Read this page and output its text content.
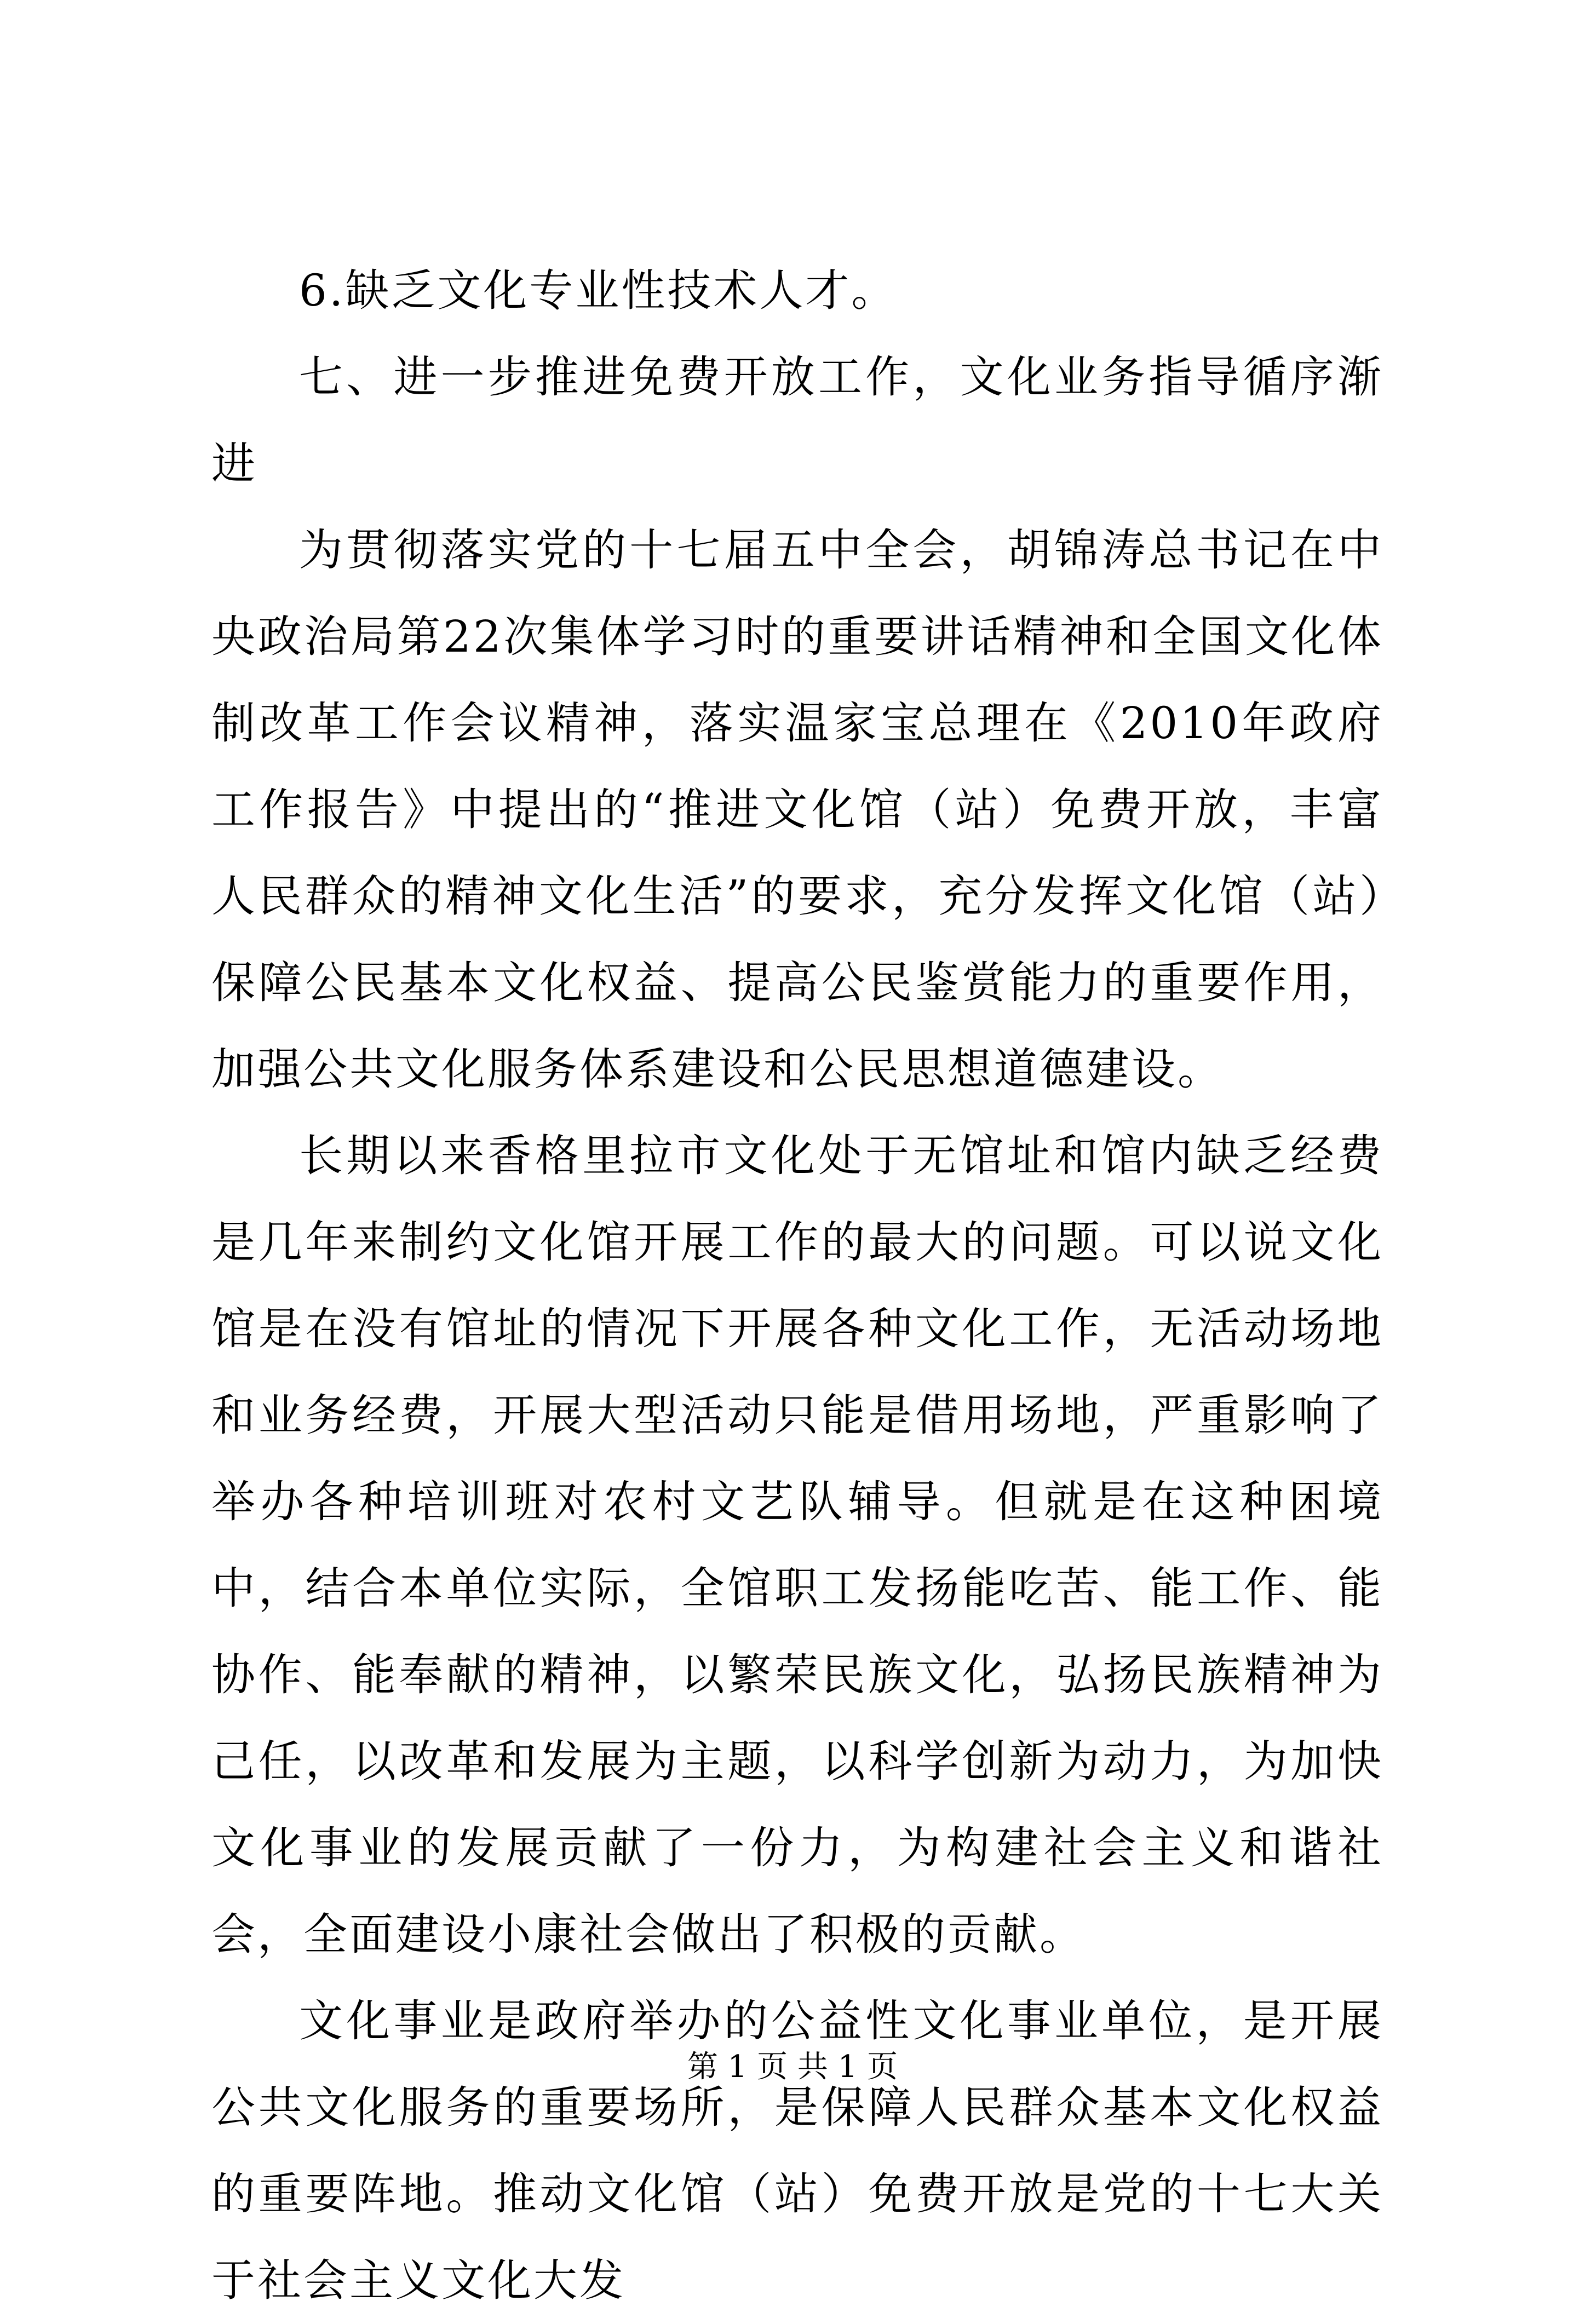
6.缺乏文化专业性技术人才。

七、进一步推进免费开放工作，文化业务指导循序渐进

为贯彻落实党的十七届五中全会，胡锦涛总书记在中央政治局第22次集体学习时的重要讲话精神和全国文化体制改革工作会议精神，落实温家宝总理在《2010年政府工作报告》中提出的“推进文化馆（站）免费开放，丰富人民群众的精神文化生活”的要求，充分发挥文化馆（站）保障公民基本文化权益、提高公民鉴赏能力的重要作用，加强公共文化服务体系建设和公民思想道德建设。

长期以来香格里拉市文化处于无馆址和馆内缺乏经费是几年来制约文化馆开展工作的最大的问题。可以说文化馆是在没有馆址的情况下开展各种文化工作，无活动场地和业务经费，开展大型活动只能是借用场地，严重影响了举办各种培训班对农村文艺队辅导。但就是在这种困境中，结合本单位实际，全馆职工发扬能吃苦、能工作、能协作、能奉献的精神，以繁荣民族文化，弘扬民族精神为己任，以改革和发展为主题，以科学创新为动力，为加快文化事业的发展贡献了一份力，为构建社会主义和谐社会，全面建设小康社会做出了积极的贡献。

文化事业是政府举办的公益性文化事业单位，是开展公共文化服务的重要场所，是保障人民群众基本文化权益的重要阵地。推动文化馆（站）免费开放是党的十七大关于社会主义文化大发

第 1 页 共 1 页
